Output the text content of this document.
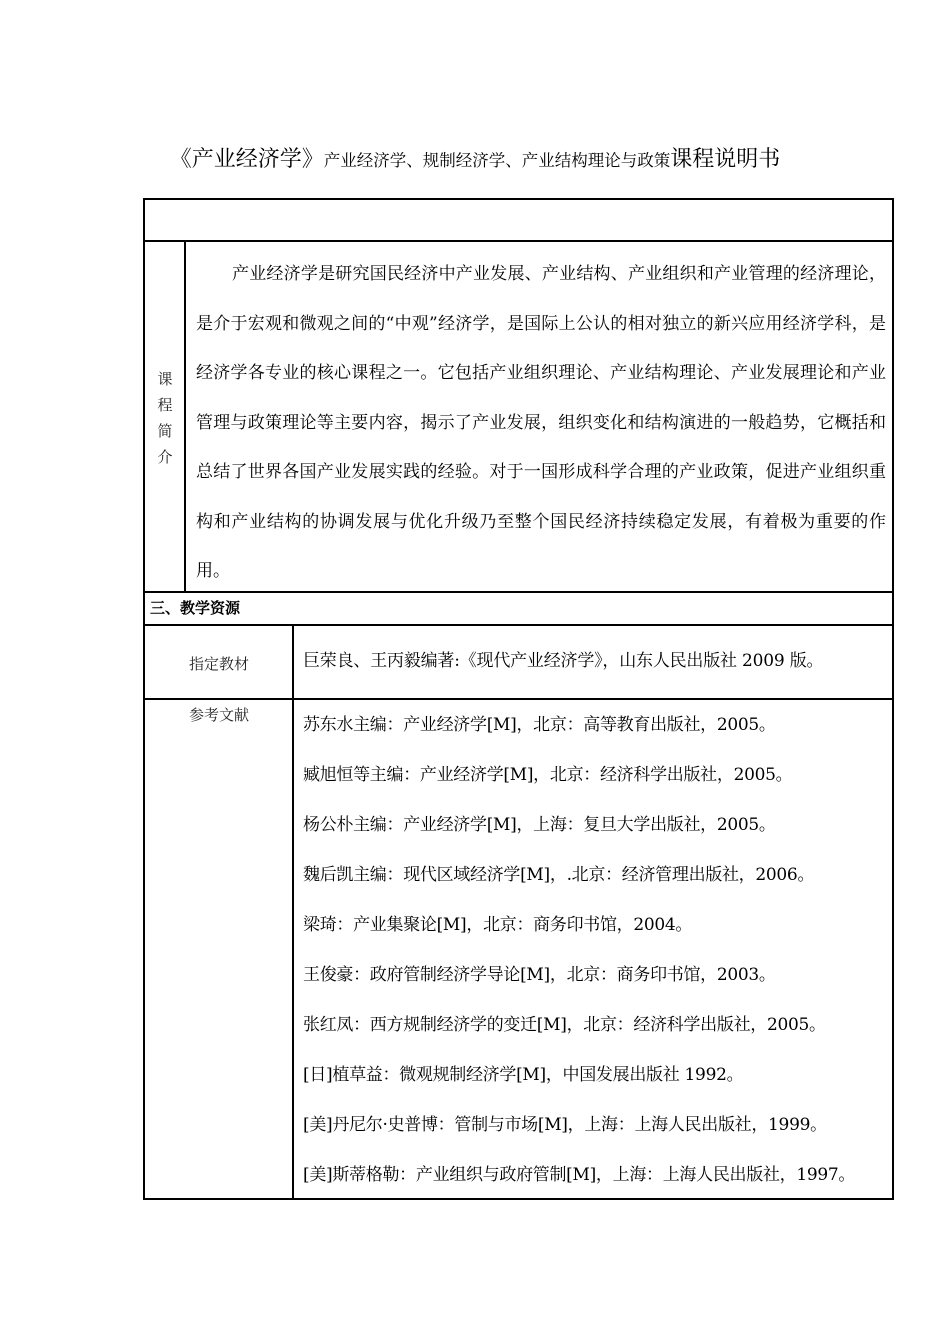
《产业经济学》产业经济学、规制经济学、产业结构理论与政策课程说明书
课
程
简
介
产业经济学是研究国民经济中产业发展、产业结构、产业组织和产业管理的经济理论，是介于宏观和微观之间的“中观”经济学，是国际上公认的相对独立的新兴应用经济学科，是经济学各专业的核心课程之一。它包括产业组织理论、产业结构理论、产业发展理论和产业管理与政策理论等主要内容，揭示了产业发展，组织变化和结构演进的一般趋势，它概括和总结了世界各国产业发展实践的经验。对于一国形成科学合理的产业政策，促进产业组织重构和产业结构的协调发展与优化升级乃至整个国民经济持续稳定发展，有着极为重要的作用。
三、教学资源
指定教材	巨荣良、王丙毅编著:《现代产业经济学》，山东人民出版社 2009 版。
参考文献	苏东水主编：产业经济学[M]，北京：高等教育出版社，2005。
臧旭恒等主编：产业经济学[M]，北京：经济科学出版社，2005。
杨公朴主编：产业经济学[M]，上海：复旦大学出版社，2005。
魏后凯主编：现代区域经济学[M]，.北京：经济管理出版社，2006。
梁琦：产业集聚论[M]，北京：商务印书馆，2004。
王俊豪：政府管制经济学导论[M]，北京：商务印书馆，2003。
张红凤：西方规制经济学的变迁[M]，北京：经济科学出版社，2005。
[日]植草益：微观规制经济学[M]，中国发展出版社 1992。
[美]丹尼尔·史普博：管制与市场[M]，上海：上海人民出版社，1999。
[美]斯蒂格勒：产业组织与政府管制[M]，上海：上海人民出版社，1997。
